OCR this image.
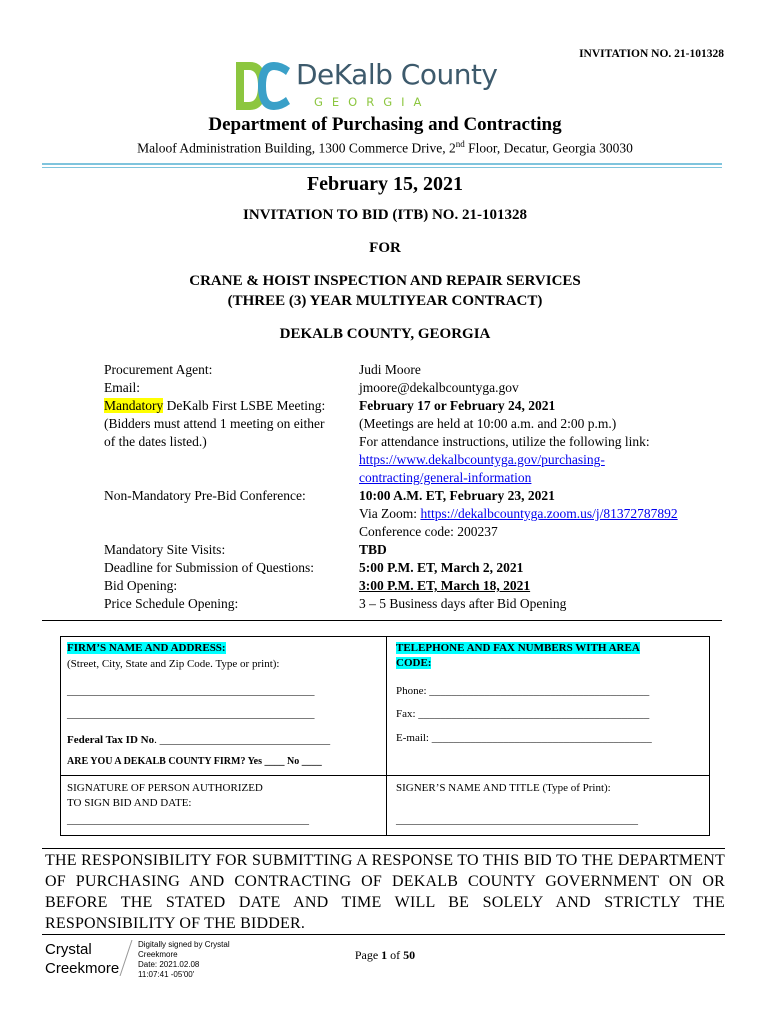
INVITATION NO. 21-101328
DeKalb County
GEORGIA
Department of Purchasing and Contracting
Maloof Administration Building, 1300 Commerce Drive, 2nd Floor, Decatur, Georgia 30030
February 15, 2021
INVITATION TO BID (ITB) NO. 21-101328
FOR
CRANE & HOIST INSPECTION AND REPAIR SERVICES
(THREE (3) YEAR MULTIYEAR CONTRACT)
DEKALB COUNTY, GEORGIA
Procurement Agent:
Email:
Mandatory DeKalb First LSBE Meeting:
(Bidders must attend 1 meeting on either
of the dates listed.)
Non-Mandatory Pre-Bid Conference:
Mandatory Site Visits:
Deadline for Submission of Questions:
Bid Opening:
Price Schedule Opening:
Judi Moore
jmoore@dekalbcountyga.gov
February 17 or February 24, 2021
(Meetings are held at 10:00 a.m. and 2:00 p.m.)
For attendance instructions, utilize the following link:
https://www.dekalbcountyga.gov/purchasing-
contracting/general-information
10:00 A.M. ET, February 23, 2021
Via Zoom: https://dekalbcountyga.zoom.us/j/81372787892
Conference code: 200237
TBD
5:00 P.M. ET, March 2, 2021
3:00 P.M. ET, March 18, 2021
3 – 5 Business days after Bid Opening
FIRM’S NAME AND ADDRESS:
(Street, City, State and Zip Code. Type or print):
TELEPHONE AND FAX NUMBERS WITH AREA
CODE:
_____________________________________________
_____________________________________________
Phone: ________________________________________
Fax: __________________________________________
Federal Tax ID No. _______________________________	E-mail: ________________________________________
ARE YOU A DEKALB COUNTY FIRM? Yes ____ No ____
SIGNATURE OF PERSON AUTHORIZED
TO SIGN BID AND DATE:
SIGNER’S NAME AND TITLE (Type of Print):
____________________________________________	____________________________________________
THE RESPONSIBILITY FOR SUBMITTING A RESPONSE TO THIS BID TO THE DEPARTMENT OF PURCHASING AND CONTRACTING OF DEKALB COUNTY GOVERNMENT ON OR BEFORE THE STATED DATE AND TIME WILL BE SOLELY AND STRICTLY THE RESPONSIBILITY OF THE BIDDER.
Crystal
Creekmore
Digitally signed by Crystal
Creekmore
Date: 2021.02.08
11:07:41 -05'00'
Page 1 of 50
